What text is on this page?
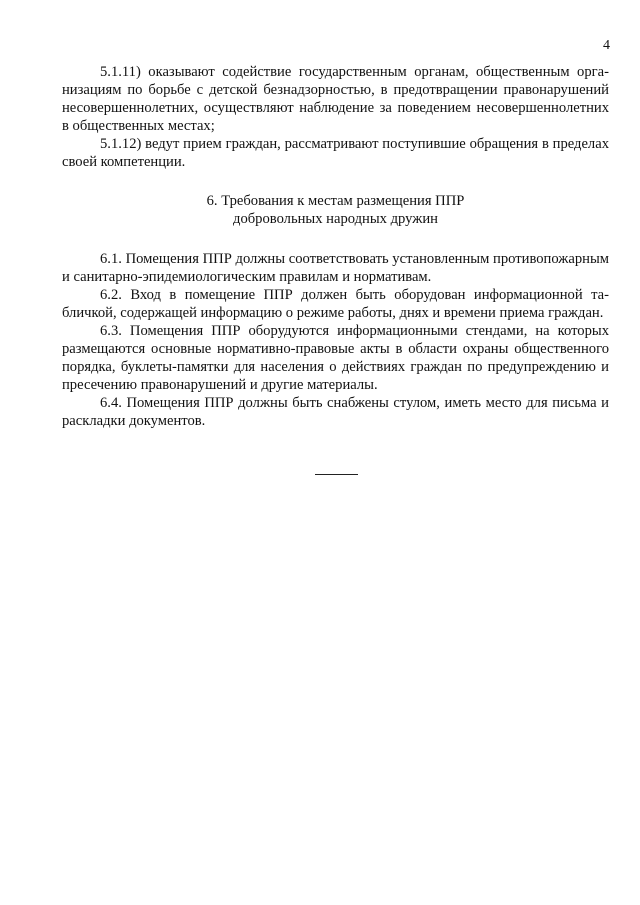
4

5.1.11) оказывают содействие государственным органам, общественным организациям по борьбе с детской безнадзорностью, в предотвращении правонарушений несовершеннолетних, осуществляют наблюдение за поведением несовершеннолетних в общественных местах;

5.1.12) ведут прием граждан, рассматривают поступившие обращения в пределах своей компетенции.

6. Требования к местам размещения ППР
добровольных народных дружин

6.1. Помещения ППР должны соответствовать установленным противопожарным и санитарно-эпидемиологическим правилам и нормативам.

6.2. Вход в помещение ППР должен быть оборудован информационной табличкой, содержащей информацию о режиме работы, днях и времени приема граждан.

6.3. Помещения ППР оборудуются информационными стендами, на которых размещаются основные нормативно-правовые акты в области охраны общественного порядка, буклеты-памятки для населения о действиях граждан по предупреждению и пресечению правонарушений и другие материалы.

6.4. Помещения ППР должны быть снабжены стулом, иметь место для письма и раскладки документов.
